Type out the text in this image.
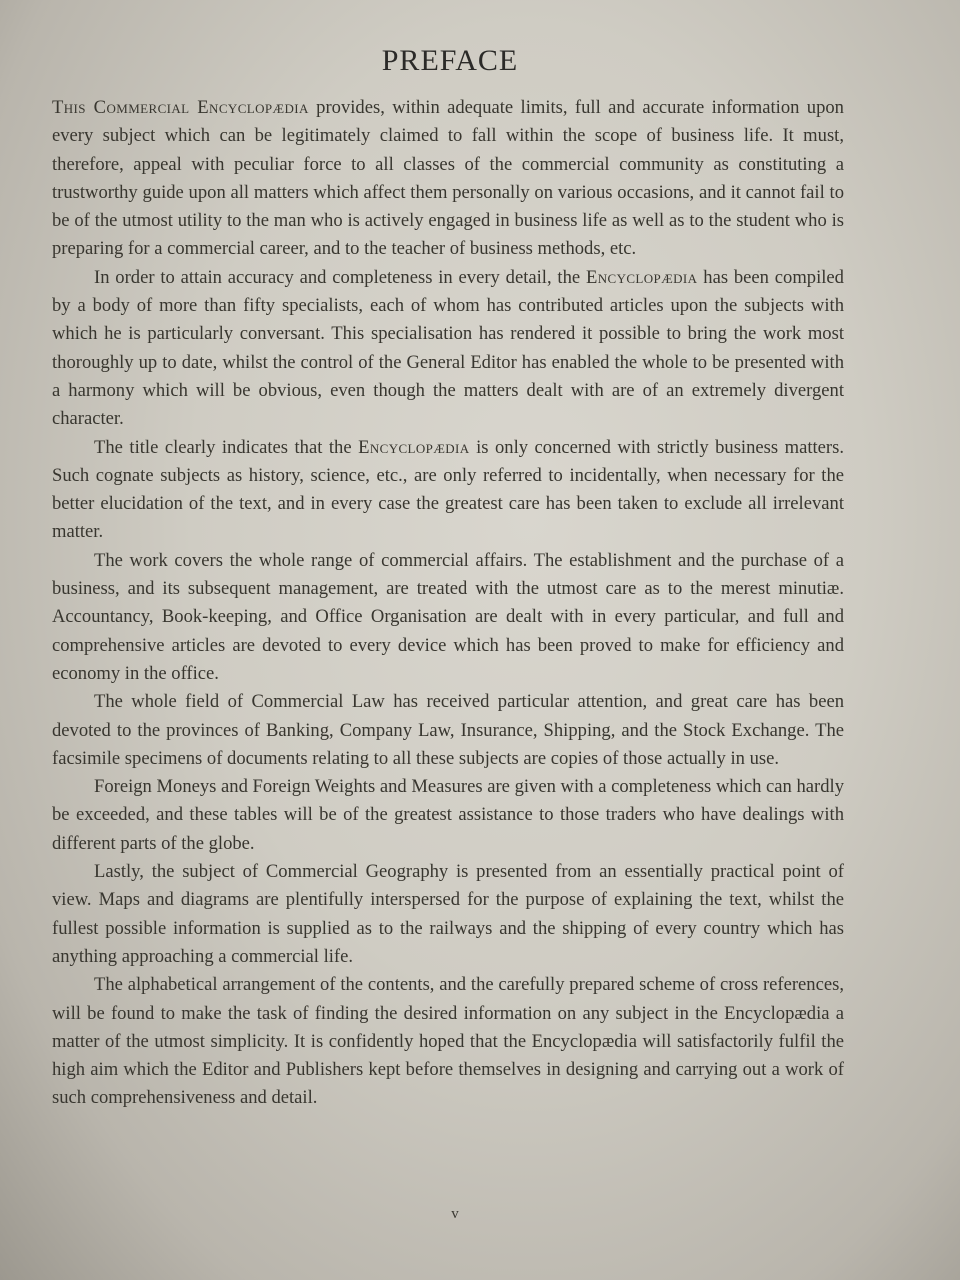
PREFACE

This Commercial Encyclopædia provides, within adequate limits, full and accurate information upon every subject which can be legitimately claimed to fall within the scope of business life. It must, therefore, appeal with peculiar force to all classes of the commercial community as constituting a trustworthy guide upon all matters which affect them personally on various occasions, and it cannot fail to be of the utmost utility to the man who is actively engaged in business life as well as to the student who is preparing for a commercial career, and to the teacher of business methods, etc.

In order to attain accuracy and completeness in every detail, the Encyclopædia has been compiled by a body of more than fifty specialists, each of whom has contributed articles upon the subjects with which he is particularly conversant. This specialisation has rendered it possible to bring the work most thoroughly up to date, whilst the control of the General Editor has enabled the whole to be presented with a harmony which will be obvious, even though the matters dealt with are of an extremely divergent character.

The title clearly indicates that the Encyclopædia is only concerned with strictly business matters. Such cognate subjects as history, science, etc., are only referred to incidentally, when necessary for the better elucidation of the text, and in every case the greatest care has been taken to exclude all irrelevant matter.

The work covers the whole range of commercial affairs. The establishment and the purchase of a business, and its subsequent management, are treated with the utmost care as to the merest minutiæ. Accountancy, Book-keeping, and Office Organisation are dealt with in every particular, and full and comprehensive articles are devoted to every device which has been proved to make for efficiency and economy in the office.

The whole field of Commercial Law has received particular attention, and great care has been devoted to the provinces of Banking, Company Law, Insurance, Shipping, and the Stock Exchange. The facsimile specimens of documents relating to all these subjects are copies of those actually in use.

Foreign Moneys and Foreign Weights and Measures are given with a completeness which can hardly be exceeded, and these tables will be of the greatest assistance to those traders who have dealings with different parts of the globe.

Lastly, the subject of Commercial Geography is presented from an essentially practical point of view. Maps and diagrams are plentifully interspersed for the purpose of explaining the text, whilst the fullest possible information is supplied as to the railways and the shipping of every country which has anything approaching a commercial life.

The alphabetical arrangement of the contents, and the carefully prepared scheme of cross references, will be found to make the task of finding the desired information on any subject in the Encyclopædia a matter of the utmost simplicity. It is confidently hoped that the Encyclopædia will satisfactorily fulfil the high aim which the Editor and Publishers kept before themselves in designing and carrying out a work of such comprehensiveness and detail.

v
